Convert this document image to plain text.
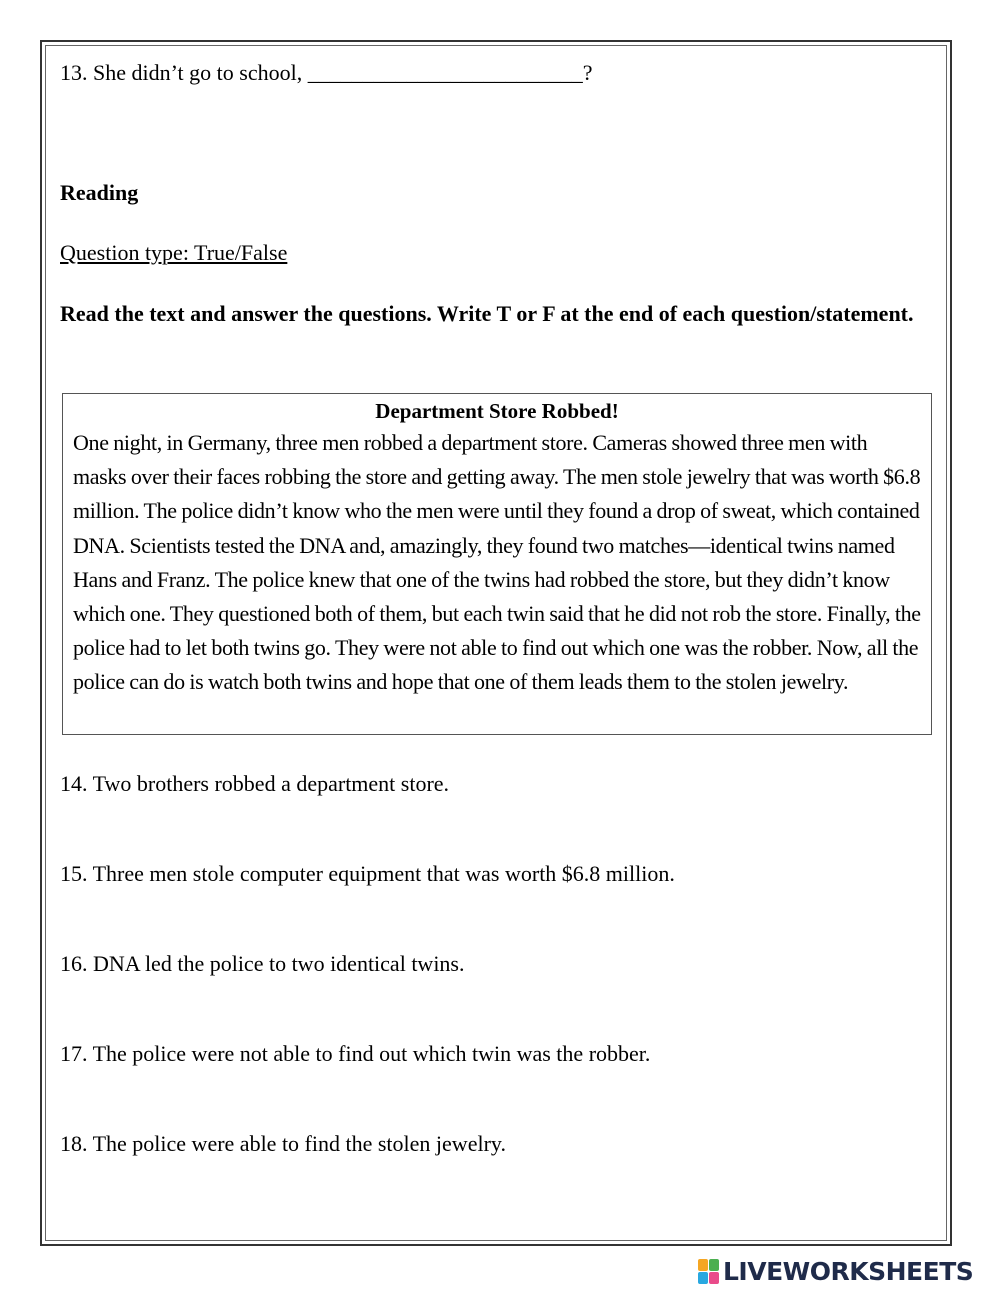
13. She didn’t go to school, _________________________?
Reading
Question type: True/False
Read the text and answer the questions. Write T or F at the end of each question/statement.
Department Store Robbed!
One night, in Germany, three men robbed a department store. Cameras showed three men with masks over their faces robbing the store and getting away. The men stole jewelry that was worth $6.8 million. The police didn’t know who the men were until they found a drop of sweat, which contained DNA. Scientists tested the DNA and, amazingly, they found two matches—identical twins named Hans and Franz. The police knew that one of the twins had robbed the store, but they didn’t know which one. They questioned both of them, but each twin said that he did not rob the store. Finally, the police had to let both twins go. They were not able to find out which one was the robber. Now, all the police can do is watch both twins and hope that one of them leads them to the stolen jewelry.
14. Two brothers robbed a department store.
15. Three men stole computer equipment that was worth $6.8 million.
16. DNA led the police to two identical twins.
17. The police were not able to find out which twin was the robber.
18. The police were able to find the stolen jewelry.
LIVEWORKSHEETS
